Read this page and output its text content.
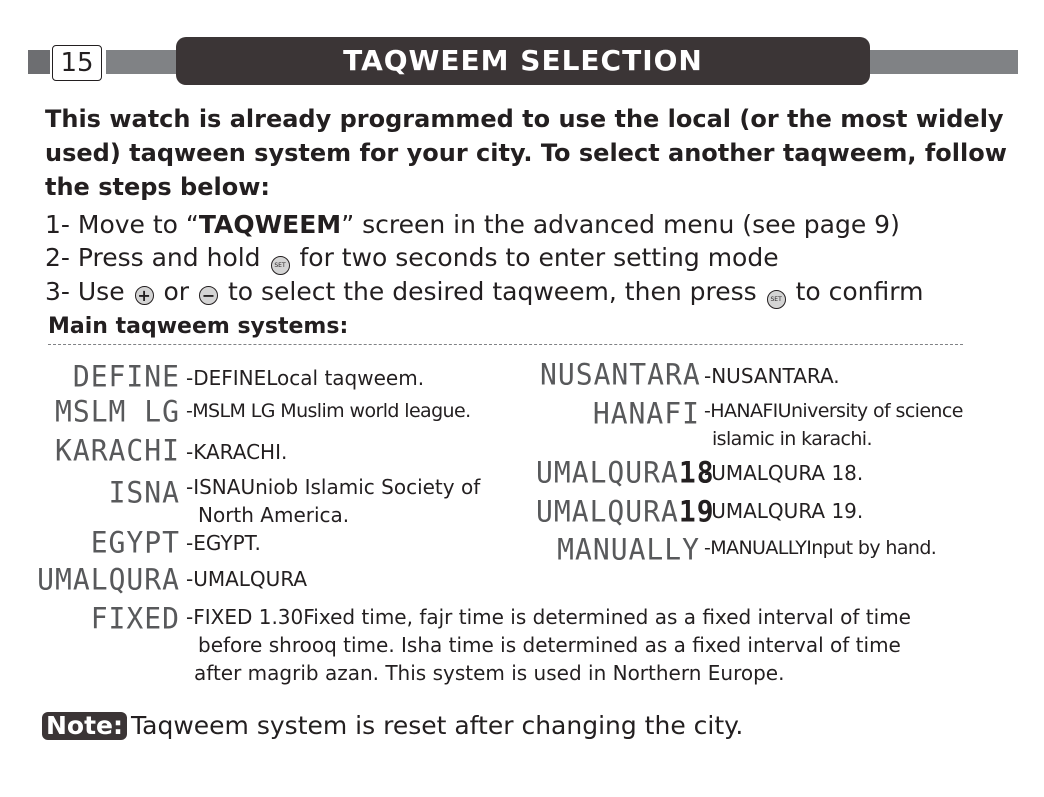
15	TAQWEEM SELECTION
This watch is already programmed to use the local (or the most widely used) taqween system for your city. To select another taqweem, follow the steps below:
1- Move to “TAQWEEM” screen in the advanced menu (see page 9)
2- Press and hold SET for two seconds to enter setting mode
3- Use + or − to select the desired taqweem, then press SET to confirm
Main taqweem systems:
DEFINE -DEFINELocal taqweem.
MSLM LG -MSLM LG Muslim world league.
KARACHI -KARACHI.
ISNA -ISNAUniob Islamic Society of
North America.
EGYPT -EGYPT.
UMALQURA -UMALQURA
FIXED -FIXED 1.30Fixed time, fajr time is determined as a ﬁxed interval of time
before shrooq time. Isha time is determined as a ﬁxed interval of time
after magrib azan. This system is used in Northern Europe.
NUSANTARA -NUSANTARA.
HANAFI -HANAFIUniversity of science
islamic in karachi.
UMALQURA18
-UMALQURA 18.
UMALQURA19
-UMALQURA 19.
MANUALLY -MANUALLYInput by hand.
Note: Taqweem system is reset after changing the city.
